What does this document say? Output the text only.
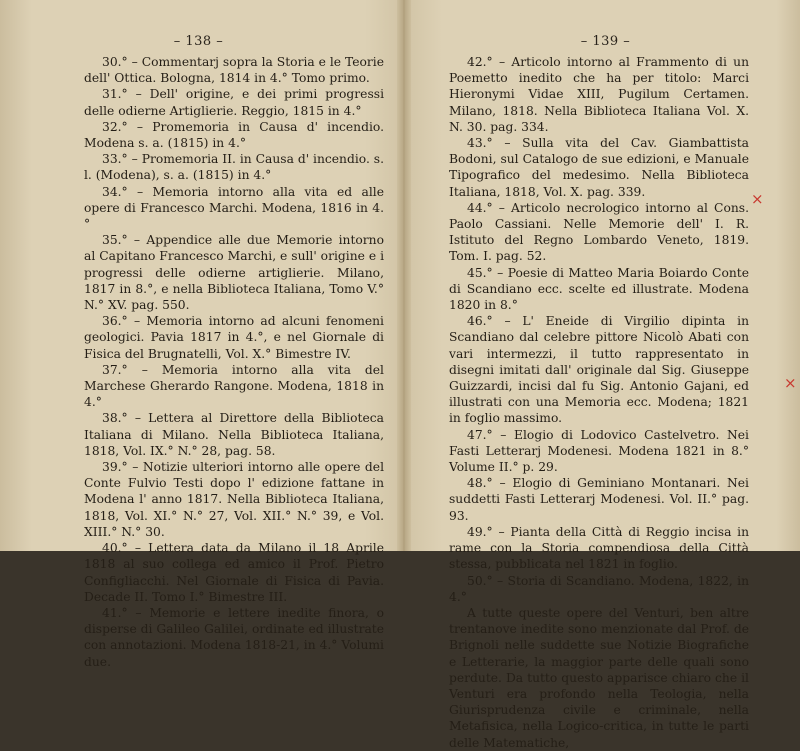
– 138 –

30.° – Commentarj sopra la Storia e le Teorie dell' Ottica. Bologna, 1814 in 4.° Tomo primo.

31.° – Dell' origine, e dei primi progressi delle odierne Artiglierie. Reggio, 1815 in 4.°

32.° – Promemoria in Causa d' incendio. Modena s. a. (1815) in 4.°

33.° – Promemoria II. in Causa d' incendio. s. l. (Modena), s. a. (1815) in 4.°

34.° – Memoria intorno alla vita ed alle opere di Francesco Marchi. Modena, 1816 in 4.°

35.° – Appendice alle due Memorie intorno al Capitano Francesco Marchi, e sull' origine e i progressi delle odierne artiglierie. Milano, 1817 in 8.°, e nella Biblioteca Italiana, Tomo V.° N.° XV. pag. 550.

36.° – Memoria intorno ad alcuni fenomeni geologici. Pavia 1817 in 4.°, e nel Giornale di Fisica del Brugnatelli, Vol. X.° Bimestre IV.

37.° – Memoria intorno alla vita del Marchese Gherardo Rangone. Modena, 1818 in 4.°

38.° – Lettera al Direttore della Biblioteca Italiana di Milano. Nella Biblioteca Italiana, 1818, Vol. IX.° N.° 28, pag. 58.

39.° – Notizie ulteriori intorno alle opere del Conte Fulvio Testi dopo l' edizione fattane in Modena l' anno 1817. Nella Biblioteca Italiana, 1818, Vol. XI.° N.° 27, Vol. XII.° N.° 39, e Vol. XIII.° N.° 30.

40.° – Lettera data da Milano il 18 Aprile 1818 al suo collega ed amico il Prof. Pietro Configliacchi. Nel Giornale di Fisica di Pavia. Decade II. Tomo I.° Bimestre III.

41.° – Memorie e lettere inedite finora, o disperse di Galileo Galilei, ordinate ed illustrate con annotazioni. Modena 1818-21, in 4.° Volumi due.

– 139 –

42.° – Articolo intorno al Frammento di un Poemetto inedito che ha per titolo: Marci Hieronymi Vidae XIII, Pugilum Certamen. Milano, 1818. Nella Biblioteca Italiana Vol. X. N. 30. pag. 334.

43.° – Sulla vita del Cav. Giambattista Bodoni, sul Catalogo de sue edizioni, e Manuale Tipografico del medesimo. Nella Biblioteca Italiana, 1818, Vol. X. pag. 339.

44.° – Articolo necrologico intorno al Cons. Paolo Cassiani. Nelle Memorie dell' I. R. Istituto del Regno Lombardo Veneto, 1819. Tom. I. pag. 52.

45.° – Poesie di Matteo Maria Boiardo Conte di Scandiano ecc. scelte ed illustrate. Modena 1820 in 8.°

46.° – L' Eneide di Virgilio dipinta in Scandiano dal celebre pittore Nicolò Abati con vari intermezzi, il tutto rappresentato in disegni imitati dall' originale dal Sig. Giuseppe Guizzardi, incisi dal fu Sig. Antonio Gajani, ed illustrati con una Memoria ecc. Modena; 1821 in foglio massimo.

47.° – Elogio di Lodovico Castelvetro. Nei Fasti Letterarj Modenesi. Modena 1821 in 8.° Volume II.° p. 29.

48.° – Elogio di Geminiano Montanari. Nei suddetti Fasti Letterarj Modenesi. Vol. II.° pag. 93.

49.° – Pianta della Città di Reggio incisa in rame con la Storia compendiosa della Città stessa, pubblicata nel 1821 in foglio.

50.° – Storia di Scandiano. Modena, 1822, in 4.°

A tutte queste opere del Venturi, ben altre trentanove inedite sono menzionate dal Prof. de Brignoli nelle suddette sue Notizie Biografiche e Letterarie, la maggior parte delle quali sono perdute. Da tutto questo apparisce chiaro che il Venturi era profondo nella Teologia, nella Giurisprudenza civile e criminale, nella Metafisica, nella Logico-critica, in tutte le parti delle Matematiche,

×
×
